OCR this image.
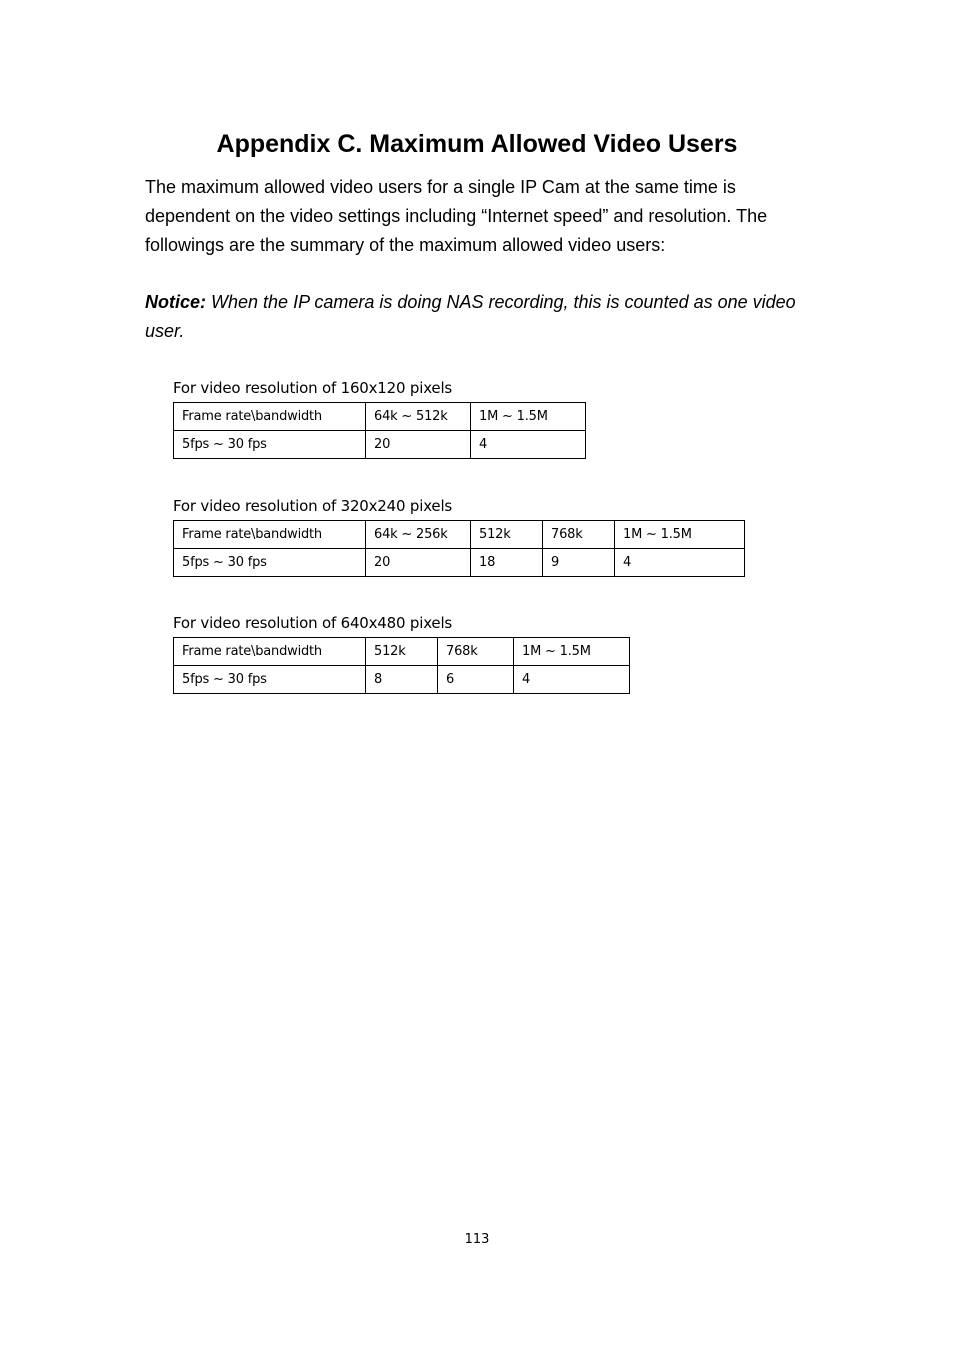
Appendix C. Maximum Allowed Video Users

The maximum allowed video users for a single IP Cam at the same time is dependent on the video settings including “Internet speed” and resolution. The followings are the summary of the maximum allowed video users:

Notice: When the IP camera is doing NAS recording, this is counted as one video user.

For video resolution of 160x120 pixels

Frame rate\bandwidth	64k ~ 512k	1M ~ 1.5M
5fps ~ 30 fps	20	4

For video resolution of 320x240 pixels

Frame rate\bandwidth	64k ~ 256k	512k	768k	1M ~ 1.5M
5fps ~ 30 fps	20	18	9	4

For video resolution of 640x480 pixels

Frame rate\bandwidth	512k	768k	1M ~ 1.5M
5fps ~ 30 fps	8	6	4

113
